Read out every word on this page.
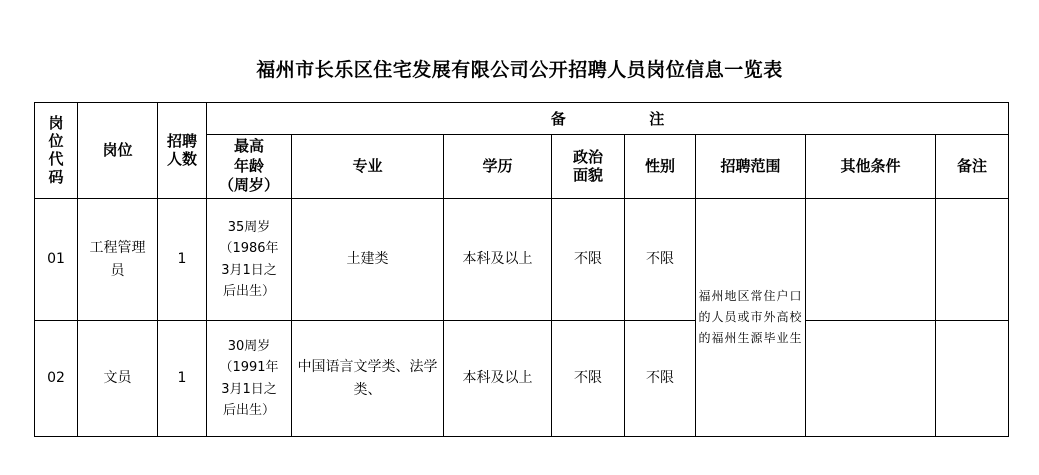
福州市长乐区住宅发展有限公司公开招聘人员岗位信息一览表
岗位代码	岗位	招聘人数	备                注							
			最高
年龄
（周岁）	专业	学历	政治面貌	性别	招聘范围	其他条件	备注
01	工程管理员	1	35周岁
（1986年
3月1日之
后出生）	土建类	本科及以上	不限	不限	福州地区常住户口的人员或市外高校的福州生源毕业生		
02	文员	1	30周岁
（1991年
3月1日之
后出生）	中国语言文学类、法学类、	本科及以上	不限	不限			
